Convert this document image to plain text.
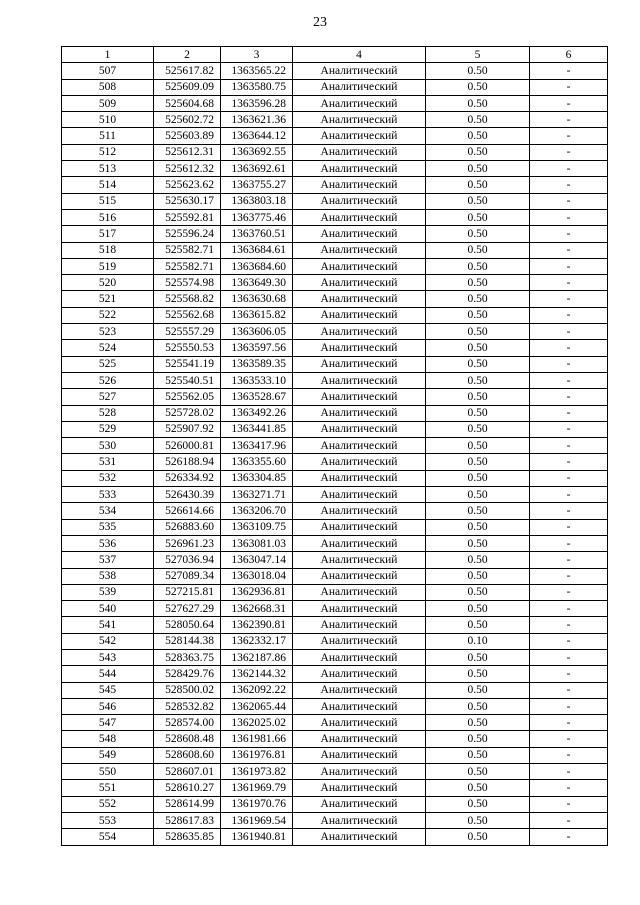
23
1	2	3	4	5	6
507	525617.82	1363565.22	Аналитический	0.50	-
508	525609.09	1363580.75	Аналитический	0.50	-
509	525604.68	1363596.28	Аналитический	0.50	-
510	525602.72	1363621.36	Аналитический	0.50	-
511	525603.89	1363644.12	Аналитический	0.50	-
512	525612.31	1363692.55	Аналитический	0.50	-
513	525612.32	1363692.61	Аналитический	0.50	-
514	525623.62	1363755.27	Аналитический	0.50	-
515	525630.17	1363803.18	Аналитический	0.50	-
516	525592.81	1363775.46	Аналитический	0.50	-
517	525596.24	1363760.51	Аналитический	0.50	-
518	525582.71	1363684.61	Аналитический	0.50	-
519	525582.71	1363684.60	Аналитический	0.50	-
520	525574.98	1363649.30	Аналитический	0.50	-
521	525568.82	1363630.68	Аналитический	0.50	-
522	525562.68	1363615.82	Аналитический	0.50	-
523	525557.29	1363606.05	Аналитический	0.50	-
524	525550.53	1363597.56	Аналитический	0.50	-
525	525541.19	1363589.35	Аналитический	0.50	-
526	525540.51	1363533.10	Аналитический	0.50	-
527	525562.05	1363528.67	Аналитический	0.50	-
528	525728.02	1363492.26	Аналитический	0.50	-
529	525907.92	1363441.85	Аналитический	0.50	-
530	526000.81	1363417.96	Аналитический	0.50	-
531	526188.94	1363355.60	Аналитический	0.50	-
532	526334.92	1363304.85	Аналитический	0.50	-
533	526430.39	1363271.71	Аналитический	0.50	-
534	526614.66	1363206.70	Аналитический	0.50	-
535	526883.60	1363109.75	Аналитический	0.50	-
536	526961.23	1363081.03	Аналитический	0.50	-
537	527036.94	1363047.14	Аналитический	0.50	-
538	527089.34	1363018.04	Аналитический	0.50	-
539	527215.81	1362936.81	Аналитический	0.50	-
540	527627.29	1362668.31	Аналитический	0.50	-
541	528050.64	1362390.81	Аналитический	0.50	-
542	528144.38	1362332.17	Аналитический	0.10	-
543	528363.75	1362187.86	Аналитический	0.50	-
544	528429.76	1362144.32	Аналитический	0.50	-
545	528500.02	1362092.22	Аналитический	0.50	-
546	528532.82	1362065.44	Аналитический	0.50	-
547	528574.00	1362025.02	Аналитический	0.50	-
548	528608.48	1361981.66	Аналитический	0.50	-
549	528608.60	1361976.81	Аналитический	0.50	-
550	528607.01	1361973.82	Аналитический	0.50	-
551	528610.27	1361969.79	Аналитический	0.50	-
552	528614.99	1361970.76	Аналитический	0.50	-
553	528617.83	1361969.54	Аналитический	0.50	-
554	528635.85	1361940.81	Аналитический	0.50	-
